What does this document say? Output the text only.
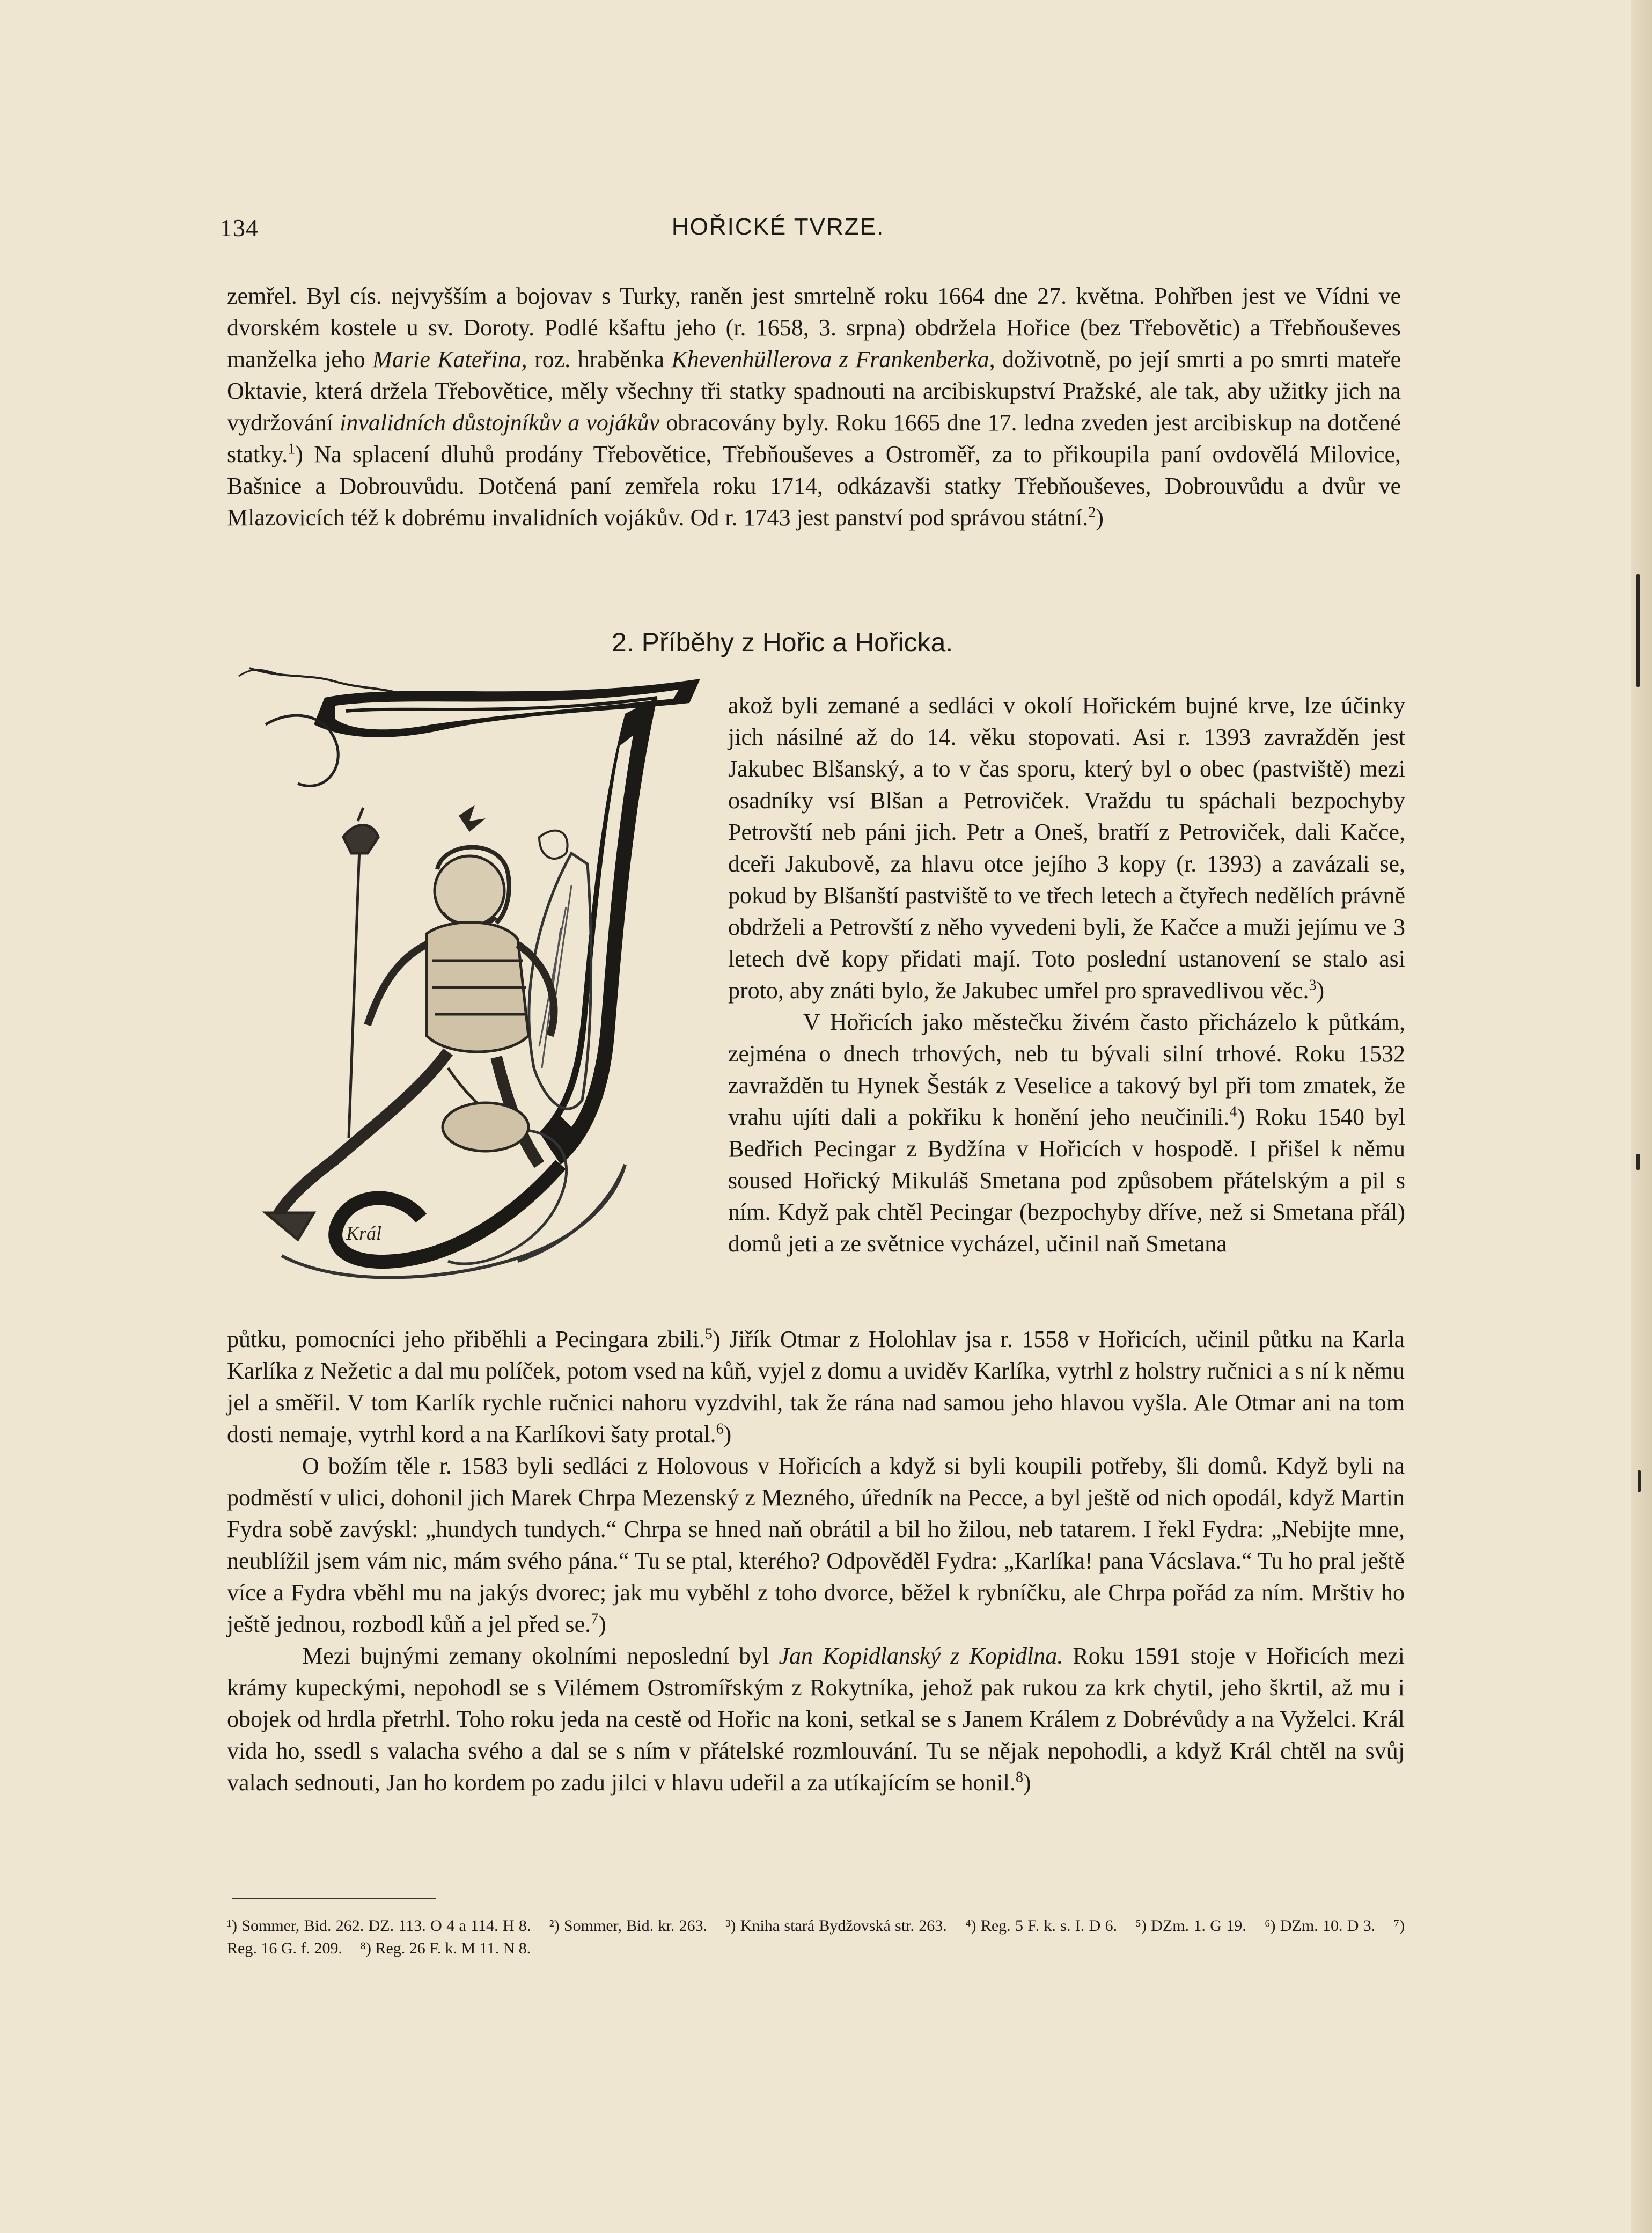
134	HOŘICKÉ TVRZE.
zemřel. Byl cís. nejvyšším a bojovav s Turky, raněn jest smrtelně roku 1664 dne 27. května. Pohřben jest ve Vídni ve dvorském kostele u sv. Doroty. Podlé kšaftu jeho (r. 1658, 3. srpna) obdržela Hořice (bez Třebovětic) a Třebňouševes manželka jeho Marie Kateřina, roz. hraběnka Khevenhüllerova z Frankenberka, doživotně, po její smrti a po smrti mateře Oktavie, která držela Třebovětice, měly všechny tři statky spadnouti na arcibiskupství Pražské, ale tak, aby užitky jich na vydržování invalidních důstojníkův a vojákův obracovány byly. Roku 1665 dne 17. ledna zveden jest arcibiskup na dotčené statky.$^1$) Na splacení dluhů prodány Třebovětice, Třebňouševes a Ostroměř, za to přikoupila paní ovdovělá Milovice, Bašnice a Dobrouvůdu. Dotčená paní zemřela roku 1714, odkázavši statky Třebňouševes, Dobrouvůdu a dvůr ve Mlazovicích též k dobrému invalidních vojákův. Od r. 1743 jest panství pod správou státní.$^2$)
2. Příběhy z Hořic a Hořicka.
Král
akož byli zemané a sedláci v okolí Hořickém bujné krve, lze účinky jich násilné až do 14. věku stopovati. Asi r. 1393 zavražděn jest Jakubec Blšanský, a to v čas sporu, který byl o obec (pastviště) mezi osadníky vsí Blšan a Petroviček. Vraždu tu spáchali bezpochyby Petrovští neb páni jich. Petr a Oneš, bratří z Petroviček, dali Kačce, dceři Jakubově, za hlavu otce jejího 3 kopy (r. 1393) a zavázali se, pokud by Blšanští pastviště to ve třech letech a čtyřech nedělích právně obdrželi a Petrovští z něho vyvedeni byli, že Kačce a muži jejímu ve 3 letech dvě kopy přidati mají. Toto poslední ustanovení se stalo asi proto, aby znáti bylo, že Jakubec umřel pro spravedlivou věc.$^3$)
V Hořicích jako městečku živém často přicházelo k půtkám, zejména o dnech trhových, neb tu bývali silní trhové. Roku 1532 zavražděn tu Hynek Šesták z Veselice a takový byl při tom zmatek, že vrahu ujíti dali a pokřiku k honění jeho neučinili.$^4$) Roku 1540 byl Bedřich Pecingar z Bydžína v Hořicích v hospodě. I přišel k němu soused Hořický Mikuláš Smetana pod způsobem přátelským a pil s ním. Když pak chtěl Pecingar (bezpochyby dříve, než si Smetana přál) domů jeti a ze světnice vycházel, učinil naň Smetana
půtku, pomocníci jeho přiběhli a Pecingara zbili.$^5$) Jiřík Otmar z Holohlav jsa r. 1558 v Hořicích, učinil půtku na Karla Karlíka z Nežetic a dal mu políček, potom vsed na kůň, vyjel z domu a uviděv Karlíka, vytrhl z holstry ručnici a s ní k němu jel a směřil. V tom Karlík rychle ručnici nahoru vyzdvihl, tak že rána nad samou jeho hlavou vyšla. Ale Otmar ani na tom dosti nemaje, vytrhl kord a na Karlíkovi šaty protal.$^6$)
O božím těle r. 1583 byli sedláci z Holovous v Hořicích a když si byli koupili potřeby, šli domů. Když byli na podměstí v ulici, dohonil jich Marek Chrpa Mezenský z Mezného, úředník na Pecce, a byl ještě od nich opodál, když Martin Fydra sobě zavýskl: „hundych tundych.“ Chrpa se hned naň obrátil a bil ho žilou, neb tatarem. I řekl Fydra: „Nebijte mne, neublížil jsem vám nic, mám svého pána.“ Tu se ptal, kterého? Odpověděl Fydra: „Karlíka! pana Vácslava.“ Tu ho pral ještě více a Fydra vběhl mu na jakýs dvorec; jak mu vyběhl z toho dvorce, běžel k rybníčku, ale Chrpa pořád za ním. Mrštiv ho ještě jednou, rozbodl kůň a jel před se.$^7$)
Mezi bujnými zemany okolními neposlední byl Jan Kopidlanský z Kopidlna. Roku 1591 stoje v Hořicích mezi krámy kupeckými, nepohodl se s Vilémem Ostromířským z Rokytníka, jehož pak rukou za krk chytil, jeho škrtil, až mu i obojek od hrdla přetrhl. Toho roku jeda na cestě od Hořic na koni, setkal se s Janem Králem z Dobrévůdy a na Vyželci. Král vida ho, ssedl s valacha svého a dal se s ním v přátelské rozmlouvání. Tu se nějak nepohodli, a když Král chtěl na svůj valach sednouti, Jan ho kordem po zadu jilci v hlavu udeřil a za utíkajícím se honil.$^8$)
¹) Sommer, Bid. 262. DZ. 113. O 4 a 114. H 8. ²) Sommer, Bid. kr. 263. ³) Kniha stará Bydžovská str. 263. ⁴) Reg. 5 F. k. s. I. D 6. ⁵) DZm. 1. G 19. ⁶) DZm. 10. D 3. ⁷) Reg. 16 G. f. 209. ⁸) Reg. 26 F. k. M 11. N 8.
